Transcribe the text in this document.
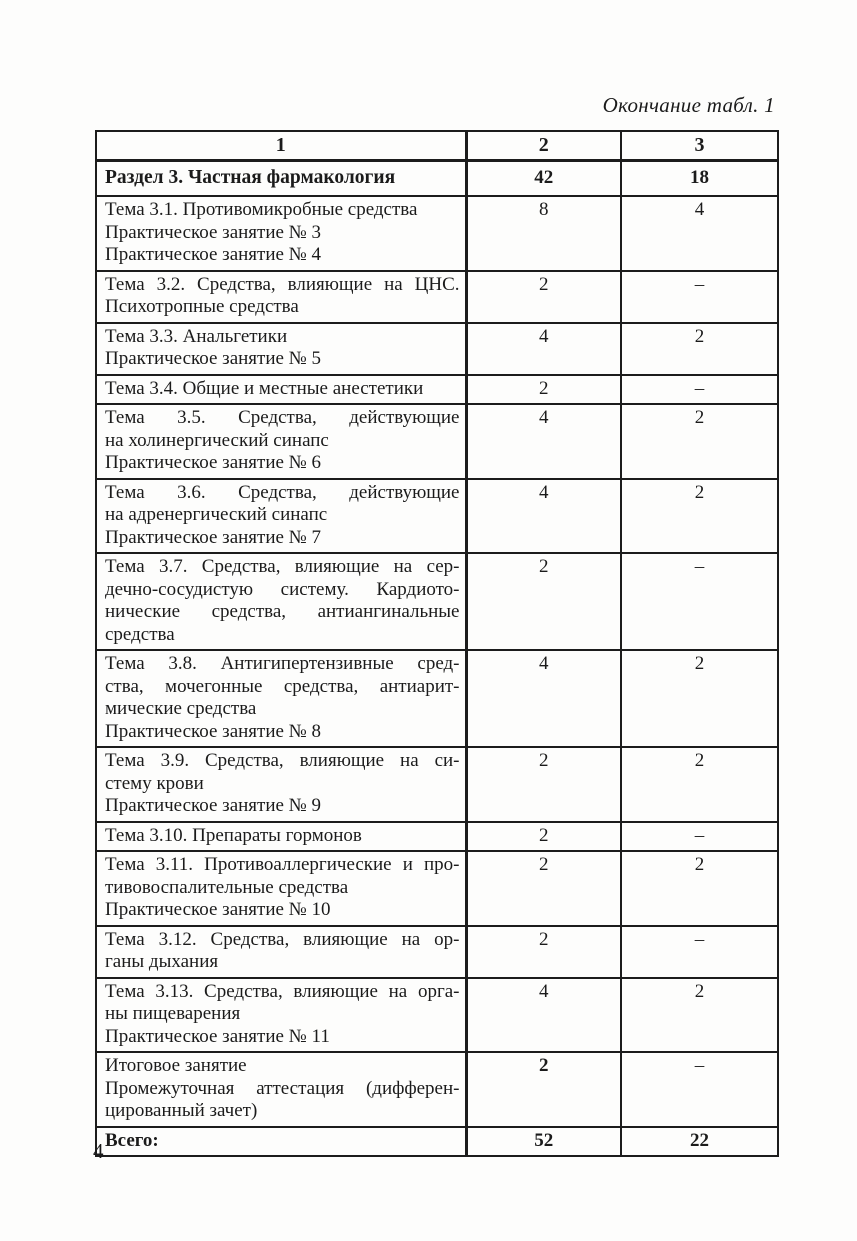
Окончание табл. 1
1	2	3

Раздел 3. Частная фармакология	42	18

Тема 3.1. Противомикробные средства
Практическое занятие № 3
Практическое занятие № 4	8	4

Тема 3.2. Средства, влияющие на ЦНС.
Психотропные средства	2	–

Тема 3.3. Анальгетики
Практическое занятие № 5	4	2

Тема 3.4. Общие и местные анестетики	2	–

Тема 3.5. Средства, действующие
на холинергический синапс
Практическое занятие № 6	4	2

Тема 3.6. Средства, действующие
на адренергический синапс
Практическое занятие № 7	4	2

Тема 3.7. Средства, влияющие на сер-
дечно-сосудистую систему. Кардиото-
нические средства, антиангинальные
средства	2	–

Тема 3.8. Антигипертензивные сред-
ства, мочегонные средства, антиарит-
мические средства
Практическое занятие № 8	4	2

Тема 3.9. Средства, влияющие на си-
стему крови
Практическое занятие № 9	2	2

Тема 3.10. Препараты гормонов	2	–

Тема 3.11. Противоаллергические и про-
тивовоспалительные средства
Практическое занятие № 10	2	2

Тема 3.12. Средства, влияющие на ор-
ганы дыхания	2	–

Тема 3.13. Средства, влияющие на орга-
ны пищеварения
Практическое занятие № 11	4	2

Итоговое занятие
Промежуточная аттестация (дифферен-
цированный зачет)	2	–

Всего:	52	22
4
